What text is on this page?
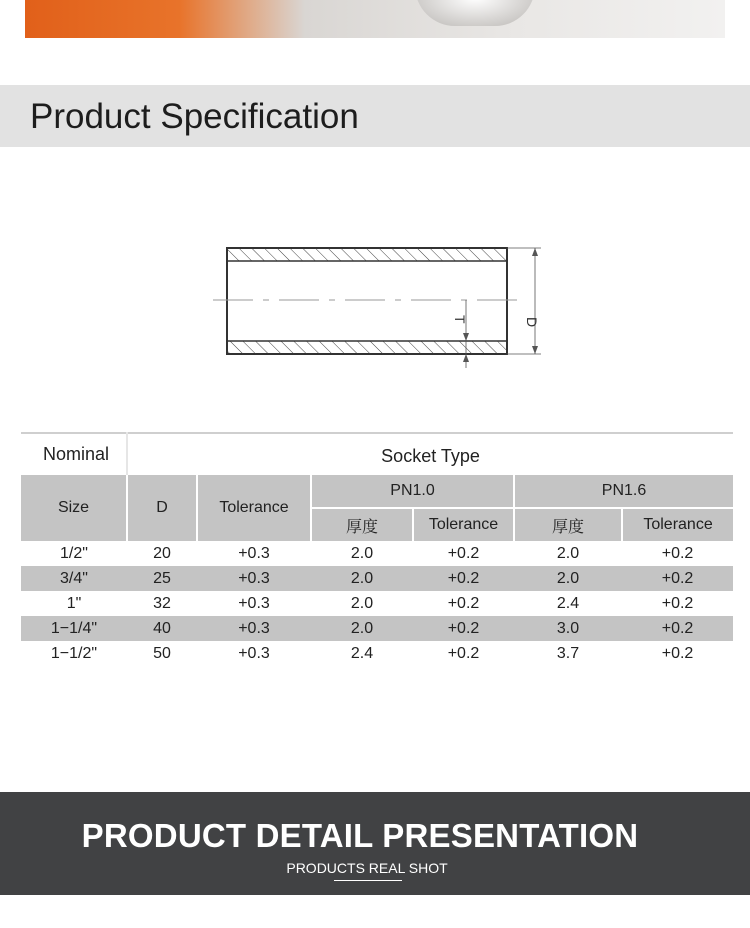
Product Specification
D
T
Nominal	Socket Type					
Size	D	Tolerance	PN1.0		PN1.6	
			厚度	Tolerance	厚度	Tolerance
1/2"	20	+0.3	2.0	+0.2	2.0	+0.2
3/4"	25	+0.3	2.0	+0.2	2.0	+0.2
1"	32	+0.3	2.0	+0.2	2.4	+0.2
1−1/4"	40	+0.3	2.0	+0.2	3.0	+0.2
1−1/2"	50	+0.3	2.4	+0.2	3.7	+0.2
PRODUCT DETAIL PRESENTATION
PRODUCTS REAL SHOT
